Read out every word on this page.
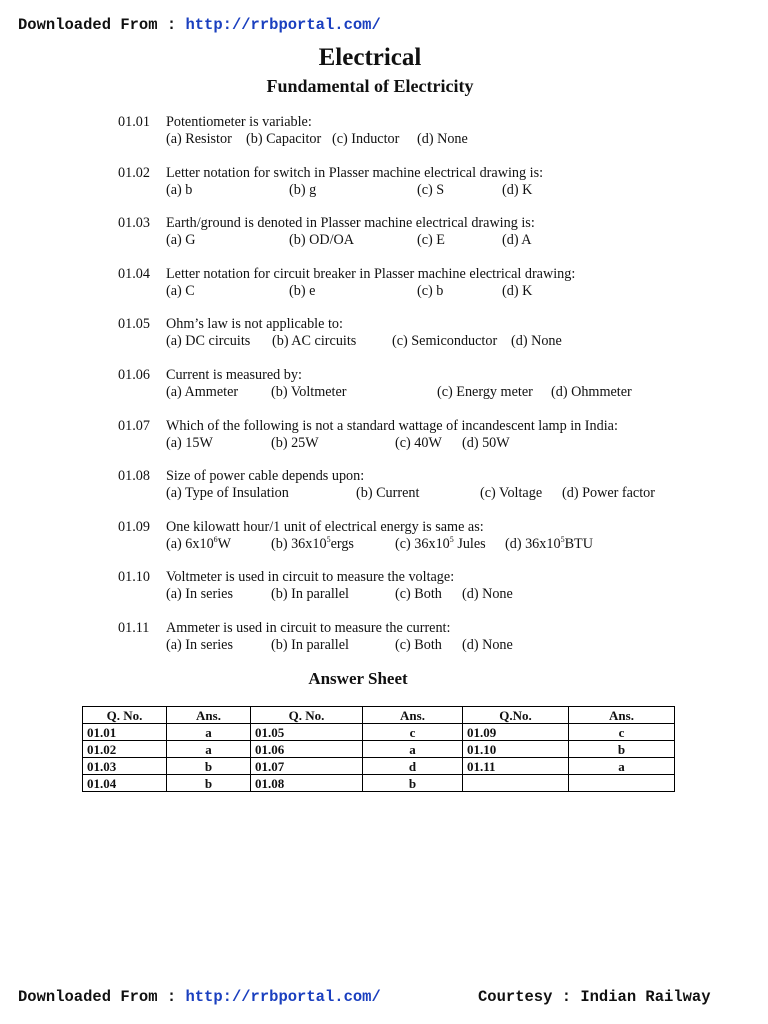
Downloaded From : http://rrbportal.com/
Electrical
Fundamental of Electricity
01.01 Potentiometer is variable:
(a) Resistor (b) Capacitor (c) Inductor (d) None
01.02 Letter notation for switch in Plasser machine electrical drawing is:
(a) b	(b) g	(c) S	(d) K
01.03 Earth/ground is denoted in Plasser machine electrical drawing is:
(a) G	(b) OD/OA	(c) E	(d) A
01.04 Letter notation for circuit breaker in Plasser machine electrical drawing:
(a) C	(b) e	(c) b	(d) K
01.05 Ohm’s law is not applicable to:
(a) DC circuits (b) AC circuits	(c) Semiconductor (d) None
01.06 Current is measured by:
(a) Ammeter (b) Voltmeter	(c) Energy meter (d) Ohmmeter
01.07 Which of the following is not a standard wattage of incandescent lamp in India:
(a) 15W	(b) 25W	(c) 40W (d) 50W
01.08 Size of power cable depends upon:
(a) Type of Insulation	(b) Current	(c) Voltage (d) Power factor
01.09 One kilowatt hour/1 unit of electrical energy is same as:
(a) $6x10^6W$	(b) $36x10^5ergs$	(c) $36x10^5$ Jules (d) $36x10^5BTU$
01.10 Voltmeter is used in circuit to measure the voltage:
(a) In series	(b) In parallel	(c) Both (d) None
01.11 Ammeter is used in circuit to measure the current:
(a) In series	(b) In parallel	(c) Both (d) None
Answer Sheet
Q. No.	Ans.	Q. No.	Ans.	Q.No.	Ans.
01.01	a	01.05	c	01.09	c
01.02	a	01.06	a	01.10	b
01.03	b	01.07	d	01.11	a
01.04	b	01.08	b		
Downloaded From : http://rrbportal.com/	Courtesy : Indian Railway
